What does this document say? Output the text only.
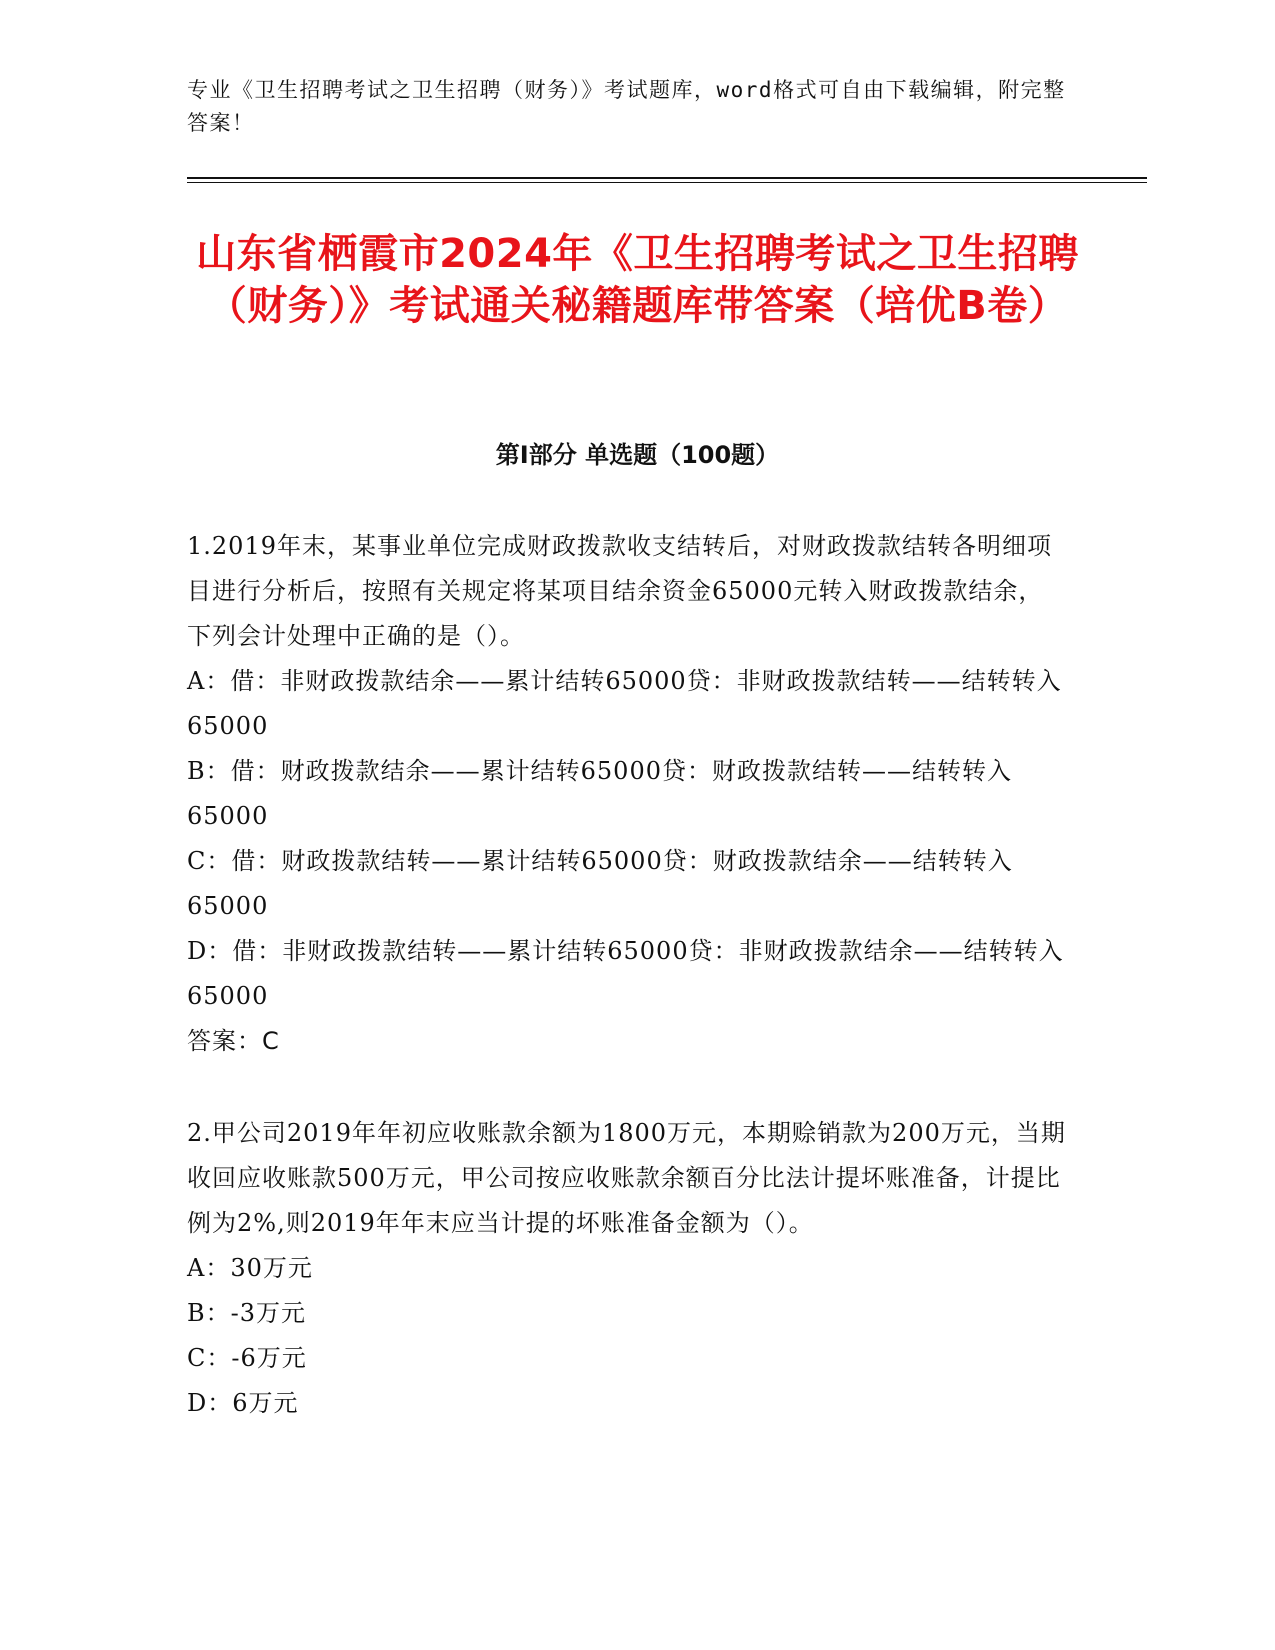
专业《卫生招聘考试之卫生招聘（财务）》考试题库，word格式可自由下载编辑，附完整答案！
山东省栖霞市2024年《卫生招聘考试之卫生招聘（财务）》考试通关秘籍题库带答案（培优B卷）
第Ⅰ部分 单选题（100题）

1.2019年末，某事业单位完成财政拨款收支结转后，对财政拨款结转各明细项目进行分析后，按照有关规定将某项目结余资金65000元转入财政拨款结余，下列会计处理中正确的是（）。

A：借：非财政拨款结余——累计结转65000贷：非财政拨款结转——结转转入65000

B：借：财政拨款结余——累计结转65000贷：财政拨款结转——结转转入65000

C：借：财政拨款结转——累计结转65000贷：财政拨款结余——结转转入65000

D：借：非财政拨款结转——累计结转65000贷：非财政拨款结余——结转转入65000

答案：C

2.甲公司2019年年初应收账款余额为1800万元，本期赊销款为200万元，当期收回应收账款500万元，甲公司按应收账款余额百分比法计提坏账准备，计提比例为2%,则2019年年末应当计提的坏账准备金额为（）。

A：30万元

B：-3万元

C：-6万元

D：6万元
